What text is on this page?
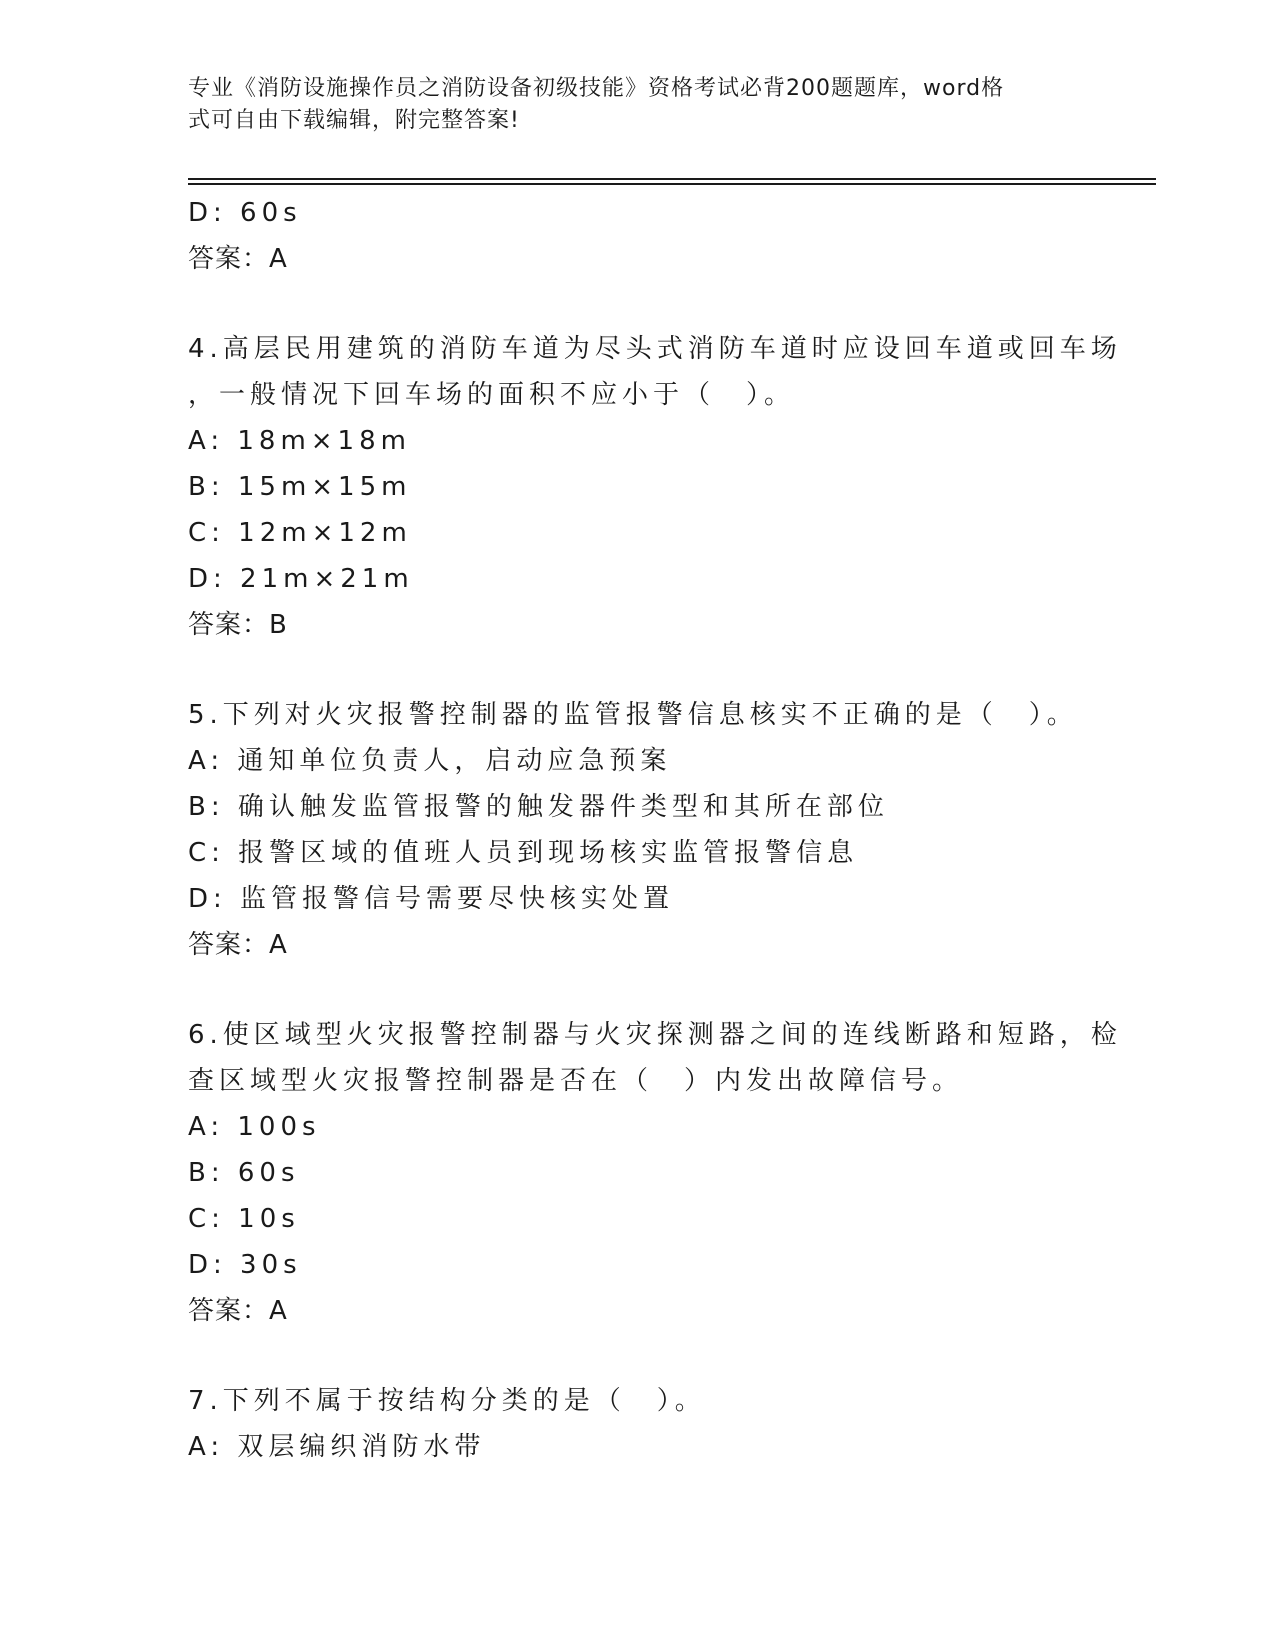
专业《消防设施操作员之消防设备初级技能》资格考试必背200题题库，word格
式可自由下载编辑，附完整答案!
D: 60s
答案：A
4.高层民用建筑的消防车道为尽头式消防车道时应设回车道或回车场
，一般情况下回车场的面积不应小于（　）。
A: 18m×18m
B: 15m×15m
C: 12m×12m
D: 21m×21m
答案：B
5.下列对火灾报警控制器的监管报警信息核实不正确的是（　）。
A: 通知单位负责人，启动应急预案
B: 确认触发监管报警的触发器件类型和其所在部位
C: 报警区域的值班人员到现场核实监管报警信息
D: 监管报警信号需要尽快核实处置
答案：A
6.使区域型火灾报警控制器与火灾探测器之间的连线断路和短路，检
查区域型火灾报警控制器是否在（　）内发出故障信号。
A: 100s
B: 60s
C: 10s
D: 30s
答案：A
7.下列不属于按结构分类的是（　）。
A: 双层编织消防水带
